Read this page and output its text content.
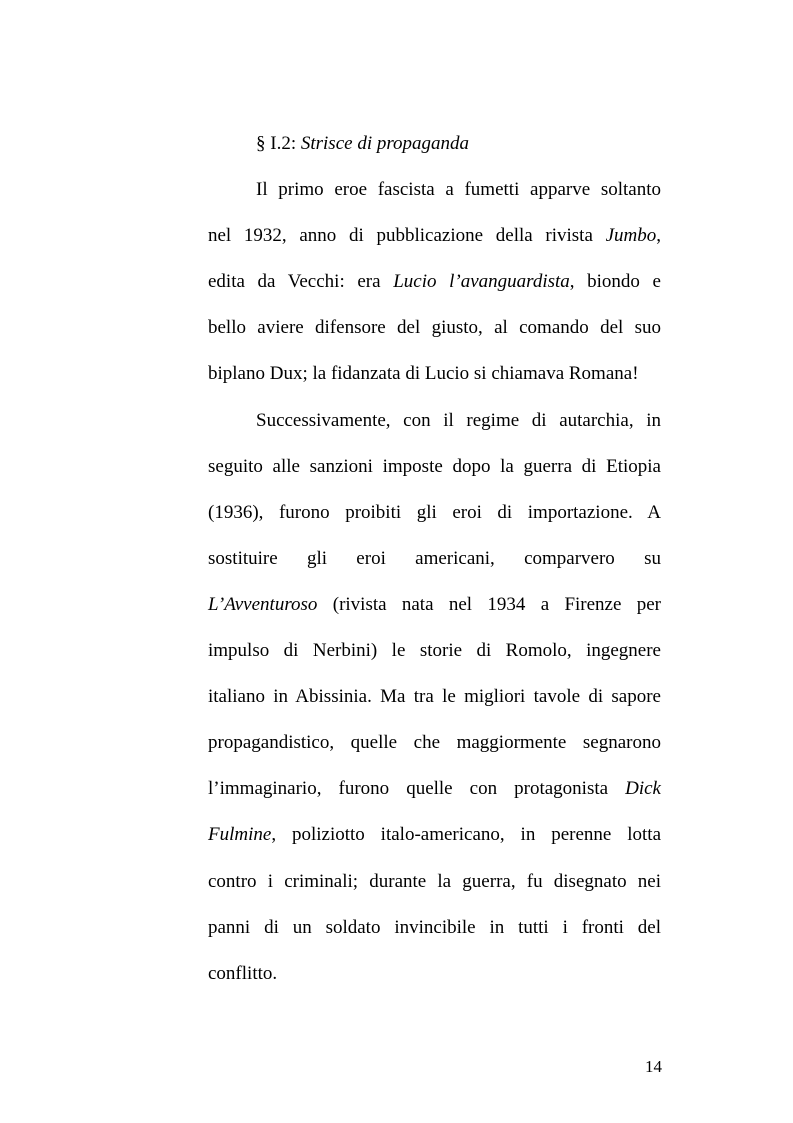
§ I.2: Strisce di propaganda
Il primo eroe fascista a fumetti apparve soltanto
nel 1932, anno di pubblicazione della rivista Jumbo,
edita da Vecchi: era Lucio l’avanguardista, biondo e
bello aviere difensore del giusto, al comando del suo
biplano Dux; la fidanzata di Lucio si chiamava Romana!
Successivamente, con il regime di autarchia, in
seguito alle sanzioni imposte dopo la guerra di Etiopia
(1936), furono proibiti gli eroi di importazione. A
sostituire gli eroi americani, comparvero su
L’Avventuroso (rivista nata nel 1934 a Firenze per
impulso di Nerbini) le storie di Romolo, ingegnere
italiano in Abissinia. Ma tra le migliori tavole di sapore
propagandistico, quelle che maggiormente segnarono
l’immaginario, furono quelle con protagonista Dick
Fulmine, poliziotto italo-americano, in perenne lotta
contro i criminali; durante la guerra, fu disegnato nei
panni di un soldato invincibile in tutti i fronti del
conflitto.
14
